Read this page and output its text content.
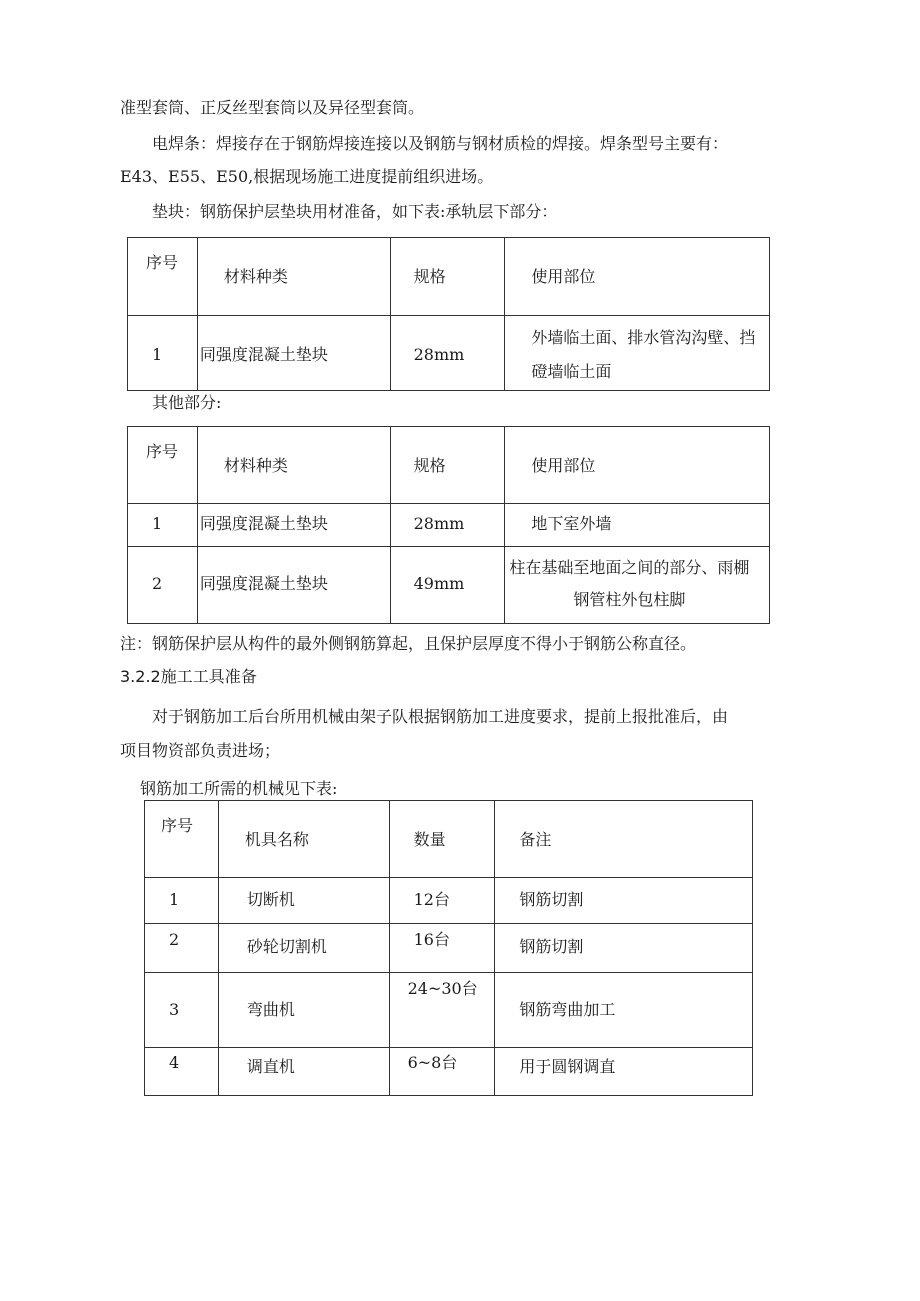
准型套筒、正反丝型套筒以及异径型套筒。
电焊条：焊接存在于钢筋焊接连接以及钢筋与钢材质检的焊接。焊条型号主要有：
E43、E55、E50,根据现场施工进度提前组织进场。
垫块：钢筋保护层垫块用材准备，如下表:承轨层下部分：
序号	材料种类	规格	使用部位

1	同强度混凝土垫块	28mm	外墙临土面、排水管沟沟壁、挡
磴墙临土面
其他部分:
序号	材料种类	规格	使用部位

1	同强度混凝土垫块	28mm	地下室外墙

2	同强度混凝土垫块	49mm	柱在基础至地面之间的部分、雨棚
钢管柱外包柱脚
注：钢筋保护层从构件的最外侧钢筋算起，且保护层厚度不得小于钢筋公称直径。
3.2.2施工工具准备
对于钢筋加工后台所用机械由架子队根据钢筋加工进度要求，提前上报批准后，由
项目物资部负责进场；
钢筋加工所需的机械见下表:
序号	机具名称	数量	备注

1	切断机	12台	钢筋切割

2	砂轮切割机	16台	钢筋切割

3	弯曲机	24~30台	钢筋弯曲加工

4	调直机	6~8台	用于圆钢调直
